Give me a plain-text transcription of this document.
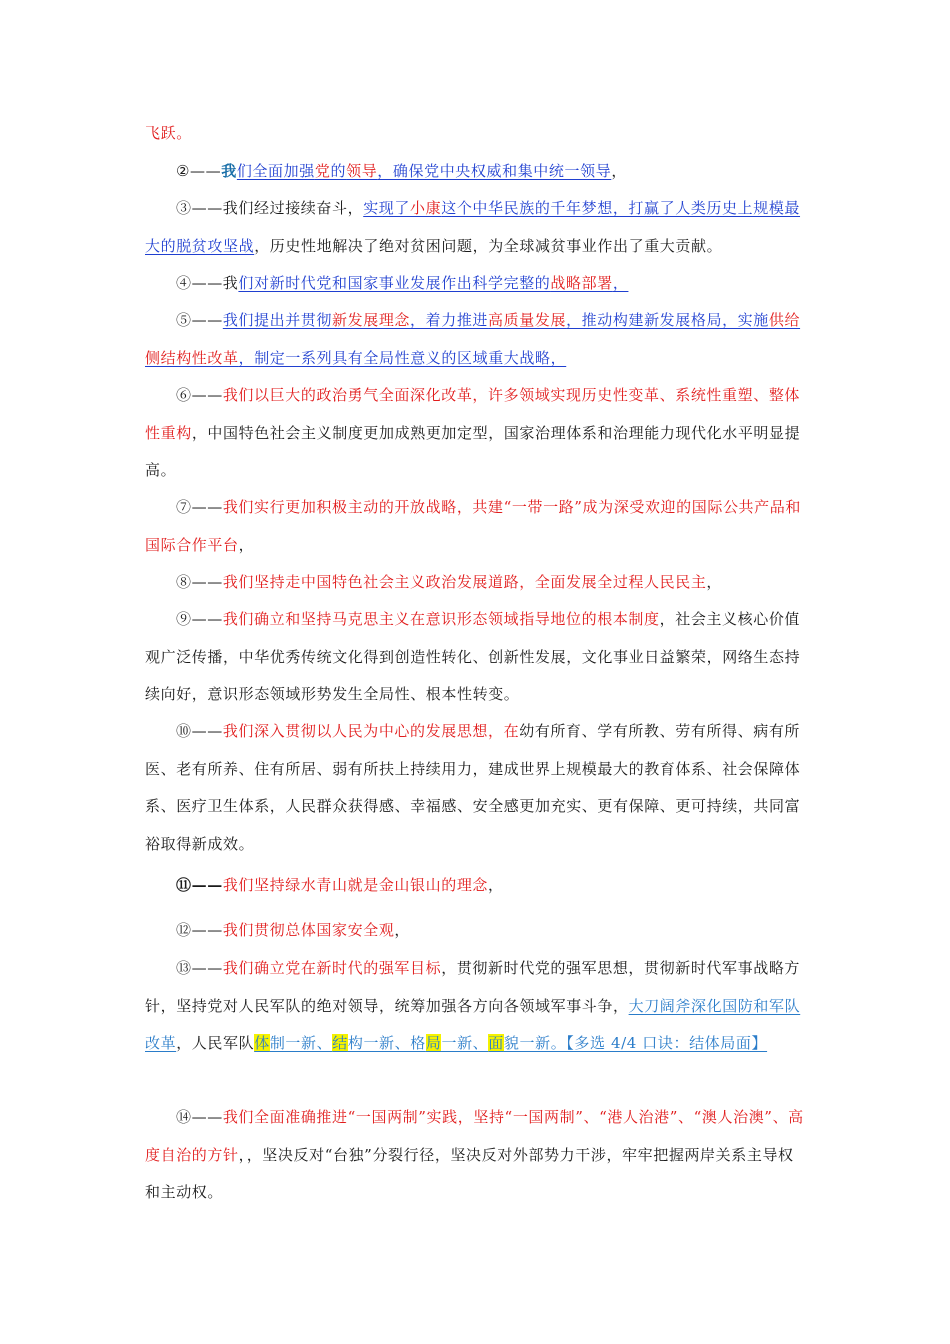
飞跃。

②——我们全面加强党的领导，确保党中央权威和集中统一领导，

③——我们经过接续奋斗，实现了小康这个中华民族的千年梦想，打赢了人类历史上规模最大的脱贫攻坚战，历史性地解决了绝对贫困问题，为全球减贫事业作出了重大贡献。

④——我们对新时代党和国家事业发展作出科学完整的战略部署，

⑤——我们提出并贯彻新发展理念，着力推进高质量发展，推动构建新发展格局，实施供给侧结构性改革，制定一系列具有全局性意义的区域重大战略，

⑥——我们以巨大的政治勇气全面深化改革，许多领域实现历史性变革、系统性重塑、整体性重构，中国特色社会主义制度更加成熟更加定型，国家治理体系和治理能力现代化水平明显提高。

⑦——我们实行更加积极主动的开放战略，共建“一带一路”成为深受欢迎的国际公共产品和国际合作平台，

⑧——我们坚持走中国特色社会主义政治发展道路，全面发展全过程人民民主，

⑨——我们确立和坚持马克思主义在意识形态领域指导地位的根本制度，社会主义核心价值观广泛传播，中华优秀传统文化得到创造性转化、创新性发展，文化事业日益繁荣，网络生态持续向好，意识形态领域形势发生全局性、根本性转变。

⑩——我们深入贯彻以人民为中心的发展思想，在幼有所育、学有所教、劳有所得、病有所医、老有所养、住有所居、弱有所扶上持续用力，建成世界上规模最大的教育体系、社会保障体系、医疗卫生体系，人民群众获得感、幸福感、安全感更加充实、更有保障、更可持续，共同富裕取得新成效。

⑪——我们坚持绿水青山就是金山银山的理念，

⑫——我们贯彻总体国家安全观，

⑬——我们确立党在新时代的强军目标，贯彻新时代党的强军思想，贯彻新时代军事战略方针，坚持党对人民军队的绝对领导，统筹加强各方向各领域军事斗争，大刀阔斧深化国防和军队改革，人民军队体制一新、结构一新、格局一新、面貌一新。【多选 4/4 口诀：结体局面】

⑭——我们全面准确推进“一国两制”实践，坚持“一国两制”、“港人治港”、“澳人治澳”、高度自治的方针，，坚决反对“台独”分裂行径，坚决反对外部势力干涉，牢牢把握两岸关系主导权和主动权。
